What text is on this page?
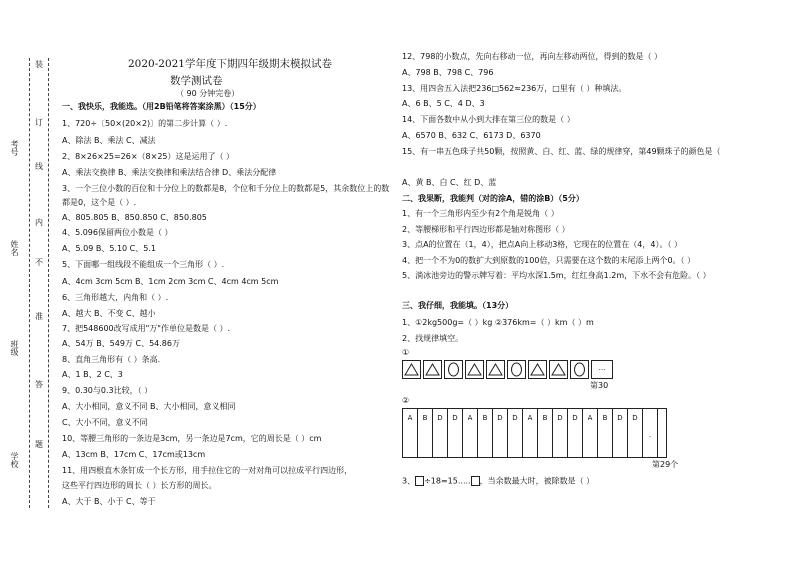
考号
姓名
班级
学校
装
订
线
内
不
准
答
题
2020-2021学年度下期四年级期末模拟试卷
数学测试卷
（ 90 分钟完卷）
一、我快乐，我能选。（用2B铅笔将答案涂黑）（15分）
1、720÷〔50×(20×2)〕的第二步计算（ ）.
A、除法 B、乘法 C、减法
2、8×26×25=26×（8×25）这是运用了（ ）
A、乘法交换律 B、乘法交换律和乘法结合律 D、乘法分配律
3、一个三位小数的百位和十分位上的数都是8，个位和千分位上的数都是5，其余数位上的数
都是0，这个是（ ）.
A、805.805 B、850.850 C、850.805
4、5.096保留两位小数是（ ）
A、5.09 B、5.10 C、5.1
5、下面哪一组线段不能组成一个三角形（ ）.
A、4cm 3cm 5cm B、1cm 2cm 3cm C、4cm 4cm 5cm
6、三角形越大，内角和（ ）.
A、越大 B、不变 C、越小
7、把548600改写成用"万"作单位是数是（ ）.
A、54万 B、549万 C、54.86万
8、直角三角形有（ ）条高.
A、1 B、2 C、3
9、0.30与0.3比较，（ ）
A、大小相同，意义不同 B、大小相同，意义相同
C、大小不同，意义不同
10、等腰三角形的一条边是3cm，另一条边是7cm，它的周长是（ ）cm
A、13cm B、17cm C、17cm或13cm
11、用四根直木条钉成一个长方形，用手拉住它的一对对角可以拉成平行四边形，
这些平行四边形的周长（ ）长方形的周长。
A、大于 B、小于 C、等于
12、798的小数点，先向右移动一位，再向左移动两位，得到的数是（ ）
A、798 B、798 C、796
13、用四舍五入法把236□562≈236万，□里有（ ）种填法。
A、6 B、5 C、4 D、3
14、下面各数中从小到大排在第三位的数是（ ）
A、6570 B、632 C、6173 D、6370
15、有一串五色珠子共50颗，按照黄、白、红、蓝、绿的规律穿，第49颗珠子的颜色是（
A、黄 B、白 C、红 D、蓝
二、我果断，我能判（对的涂A，错的涂B）（5分）
1、有一个三角形内至少有2个角是锐角（ ）
2、等腰梯形和平行四边形都是轴对称图形（ ）
3、点A的位置在（1，4），把点A向上移动3格，它现在的位置在（4，4）。（ ）
4、把一个不为0的数扩大到原数的100倍，只需要在这个数的末尾添上两个0。（ ）
5、淌冰池旁边的警示牌写着：平均水深1.5m，红红身高1.2m，下水不会有危险。（ ）
三、我仔细，我能填。（13分）
1、①2kg500g=（ ）kg ②376km=（ ）km（ ）m
2、找规律填空。
①
...
第30
②
A	B	D	D	A	B	D	D	A	B	D	D	A	B	D	D
.
第29个
3、 ÷18=15..... ，当余数最大时，被除数是（ ）
